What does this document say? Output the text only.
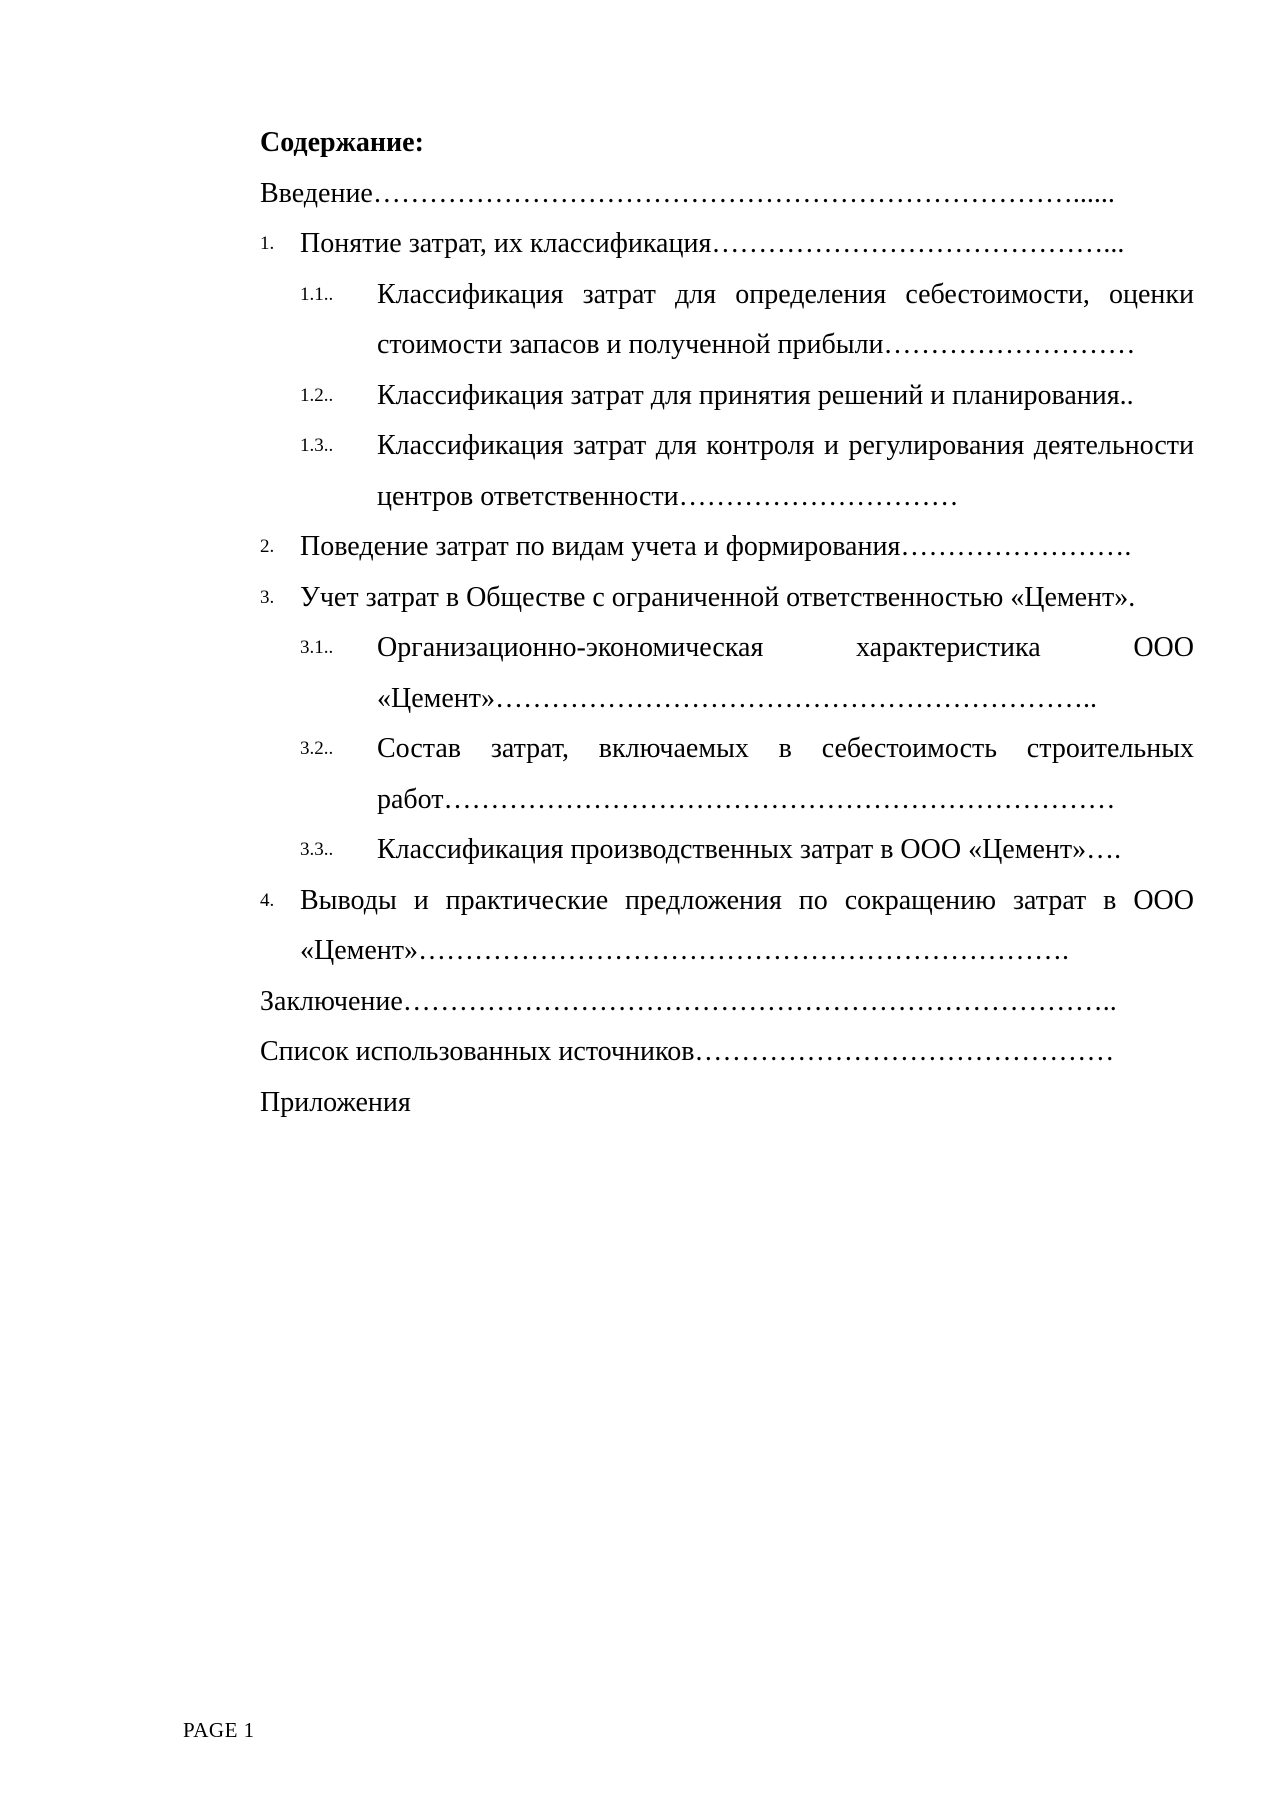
Содержание:

Введение…………………………………………………………………......
1. Понятие затрат, их классификация……………………………………...
1.1.. Классификация затрат для определения себестоимости, оценки стоимости запасов и полученной прибыли………………………
1.2.. Классификация затрат для принятия решений и планирования..
1.3.. Классификация затрат для контроля и регулирования деятельности центров ответственности…………………………
2. Поведение затрат по видам учета и формирования…………………….
3. Учет затрат в Обществе с ограниченной ответственностью «Цемент».
3.1.. Организационно-экономическая характеристика ООО «Цемент»………………………………………………………..
3.2.. Состав затрат, включаемых в себестоимость строительных работ………………………………………………………………
3.3.. Классификация производственных затрат в ООО «Цемент»….
4. Выводы и практические предложения по сокращению затрат в ООО «Цемент»…………………………………………………………….
Заключение…………………………………………………………………..
Список использованных источников………………………………………
Приложения
PAGE 1
